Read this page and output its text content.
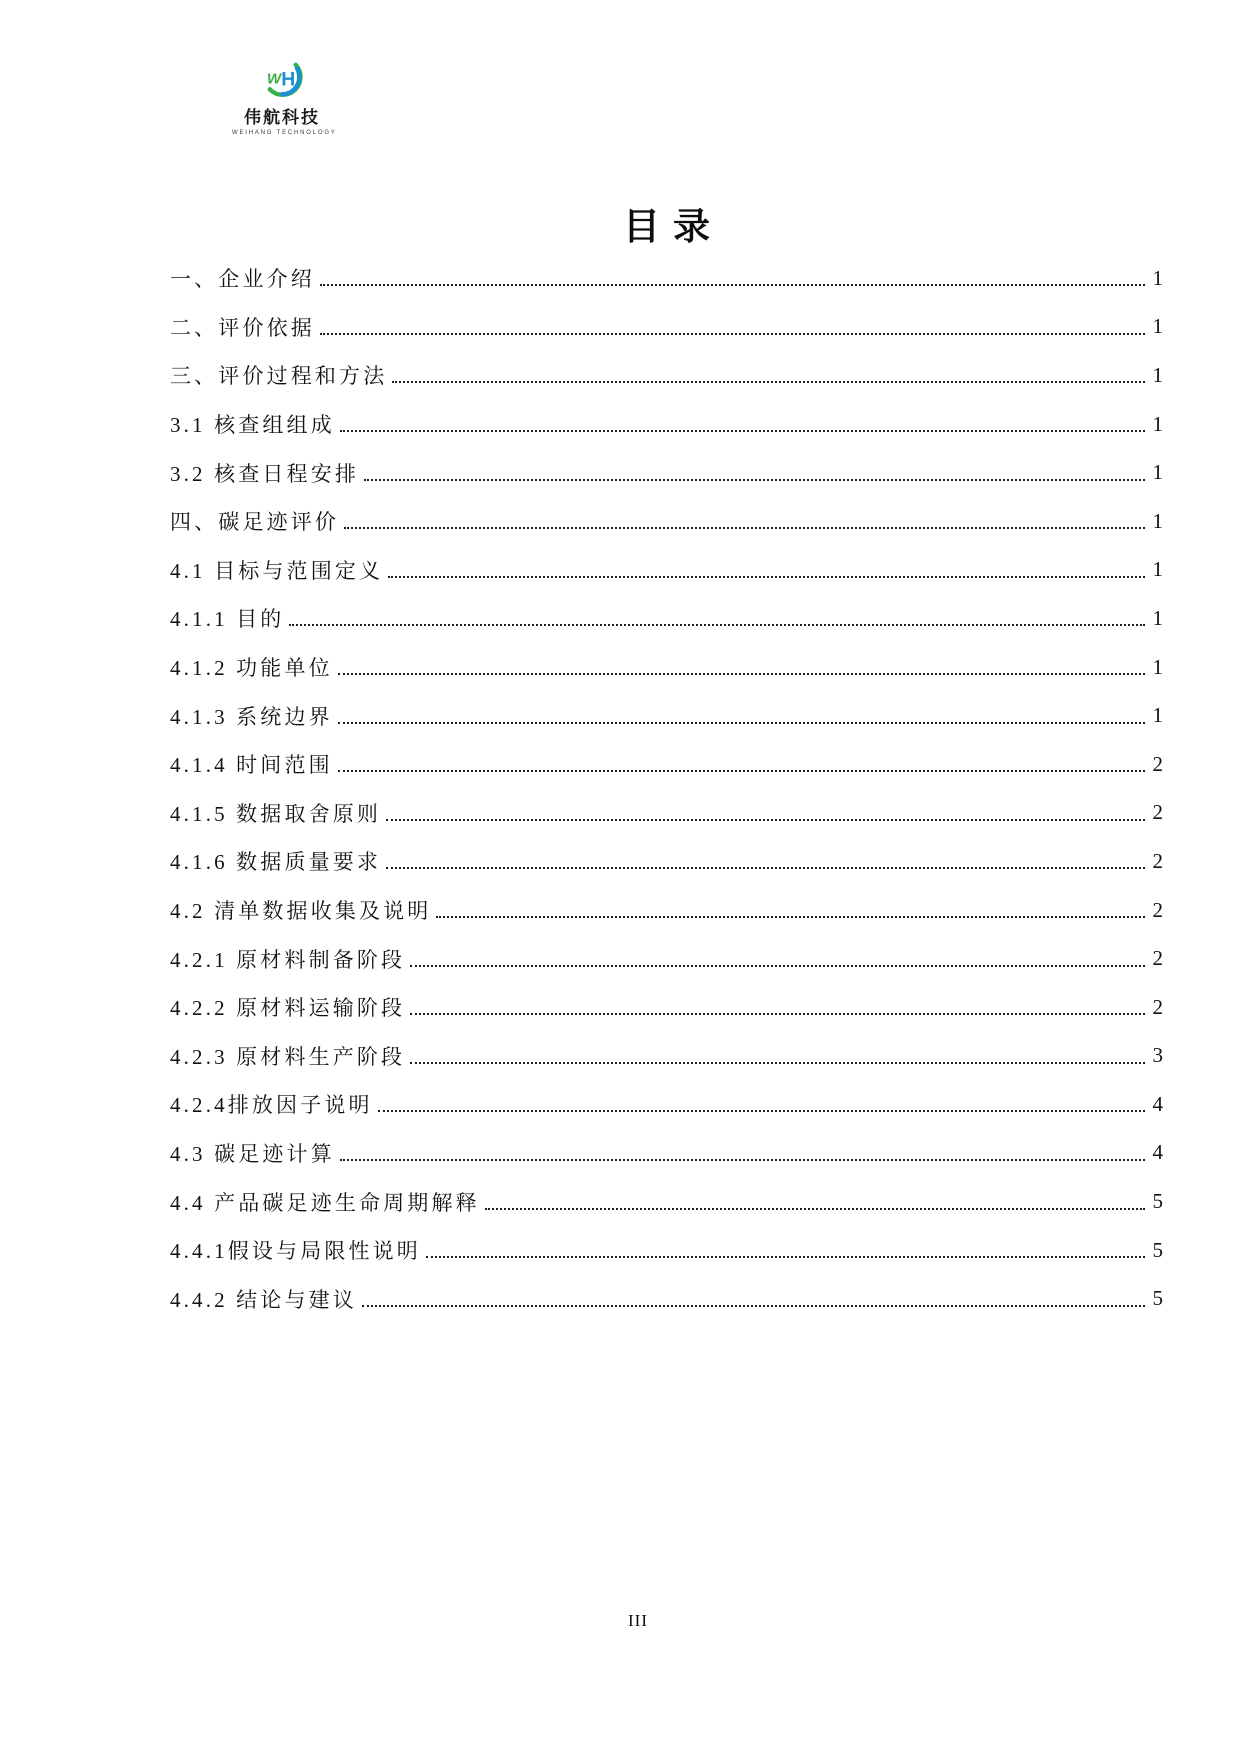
W H
伟航科技
WEIHANG TECHNOLOGY
目录
一、企业介绍	1
二、评价依据	1
三、评价过程和方法	1
3.1 核查组组成	1
3.2 核查日程安排	1
四、碳足迹评价	1
4.1 目标与范围定义	1
4.1.1 目的	1
4.1.2 功能单位	1
4.1.3 系统边界	1
4.1.4 时间范围	2
4.1.5 数据取舍原则	2
4.1.6 数据质量要求	2
4.2 清单数据收集及说明	2
4.2.1 原材料制备阶段	2
4.2.2 原材料运输阶段	2
4.2.3 原材料生产阶段	3
4.2.4排放因子说明	4
4.3 碳足迹计算	4
4.4 产品碳足迹生命周期解释	5
4.4.1假设与局限性说明	5
4.4.2 结论与建议	5
III
